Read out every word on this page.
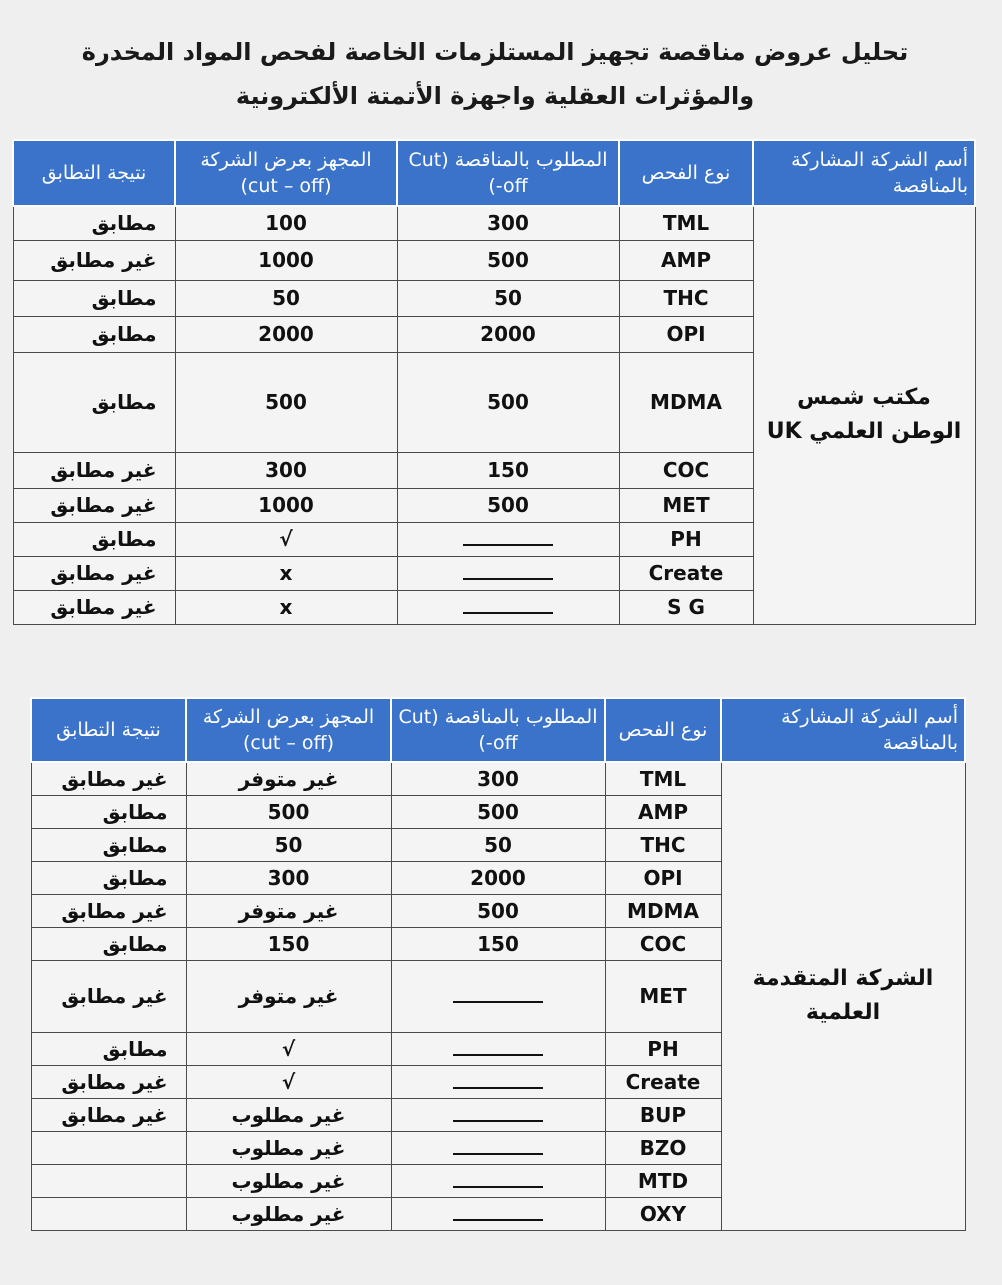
تحليل عروض مناقصة تجهيز المستلزمات الخاصة لفحص المواد المخدرة والمؤثرات العقلية واجهزة الأتمتة الألكترونية
أسم الشركة المشاركة بالمناقصة	نوع الفحص	المطلوب بالمناقصة (Cut -off)	المجهز بعرض الشركة (cut – off)	نتيجة التطابق
مكتب شمس الوطن العلمي UK	TML	300	100	مطابق
	AMP	500	1000	غير مطابق
	THC	50	50	مطابق
	OPI	2000	2000	مطابق
	MDMA	500	500	مطابق
	COC	150	300	غير مطابق
	MET	500	1000	غير مطابق
	PH		√	مطابق
	Create		x	غير مطابق
	S G		x	غير مطابق
أسم الشركة المشاركة بالمناقصة	نوع الفحص	المطلوب بالمناقصة (Cut -off)	المجهز بعرض الشركة (cut – off)	نتيجة التطابق
الشركة المتقدمة العلمية	TML	300	غير متوفر	غير مطابق
	AMP	500	500	مطابق
	THC	50	50	مطابق
	OPI	2000	300	مطابق
	MDMA	500	غير متوفر	غير مطابق
	COC	150	150	مطابق
	MET		غير متوفر	غير مطابق
	PH		√	مطابق
	Create		√	غير مطابق
	BUP		غير مطلوب	غير مطابق
	BZO		غير مطلوب	
	MTD		غير مطلوب	
	OXY		غير مطلوب	
